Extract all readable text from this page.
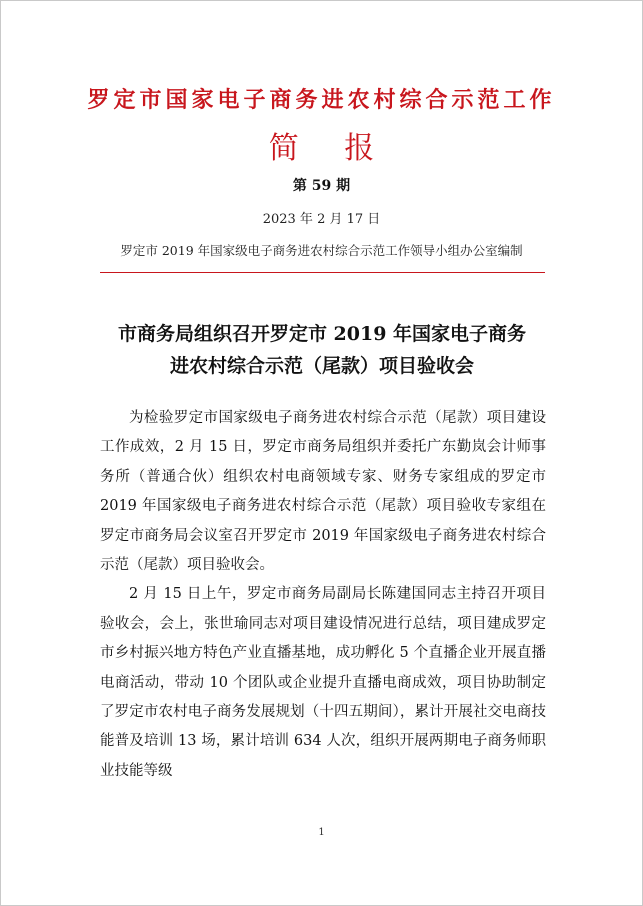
罗定市国家电子商务进农村综合示范工作
简 报
第 59 期
2023 年 2 月 17 日
罗定市 2019 年国家级电子商务进农村综合示范工作领导小组办公室编制
市商务局组织召开罗定市 2019 年国家电子商务
进农村综合示范（尾款）项目验收会

为检验罗定市国家级电子商务进农村综合示范（尾款）项目建设工作成效，2 月 15 日，罗定市商务局组织并委托广东勤岚会计师事务所（普通合伙）组织农村电商领域专家、财务专家组成的罗定市 2019 年国家级电子商务进农村综合示范（尾款）项目验收专家组在罗定市商务局会议室召开罗定市 2019 年国家级电子商务进农村综合示范（尾款）项目验收会。

2 月 15 日上午，罗定市商务局副局长陈建国同志主持召开项目验收会，会上，张世瑜同志对项目建设情况进行总结，项目建成罗定市乡村振兴地方特色产业直播基地，成功孵化 5 个直播企业开展直播电商活动，带动 10 个团队或企业提升直播电商成效，项目协助制定了罗定市农村电子商务发展规划（十四五期间），累计开展社交电商技能普及培训 13 场，累计培训 634 人次，组织开展两期电子商务师职业技能等级

1
